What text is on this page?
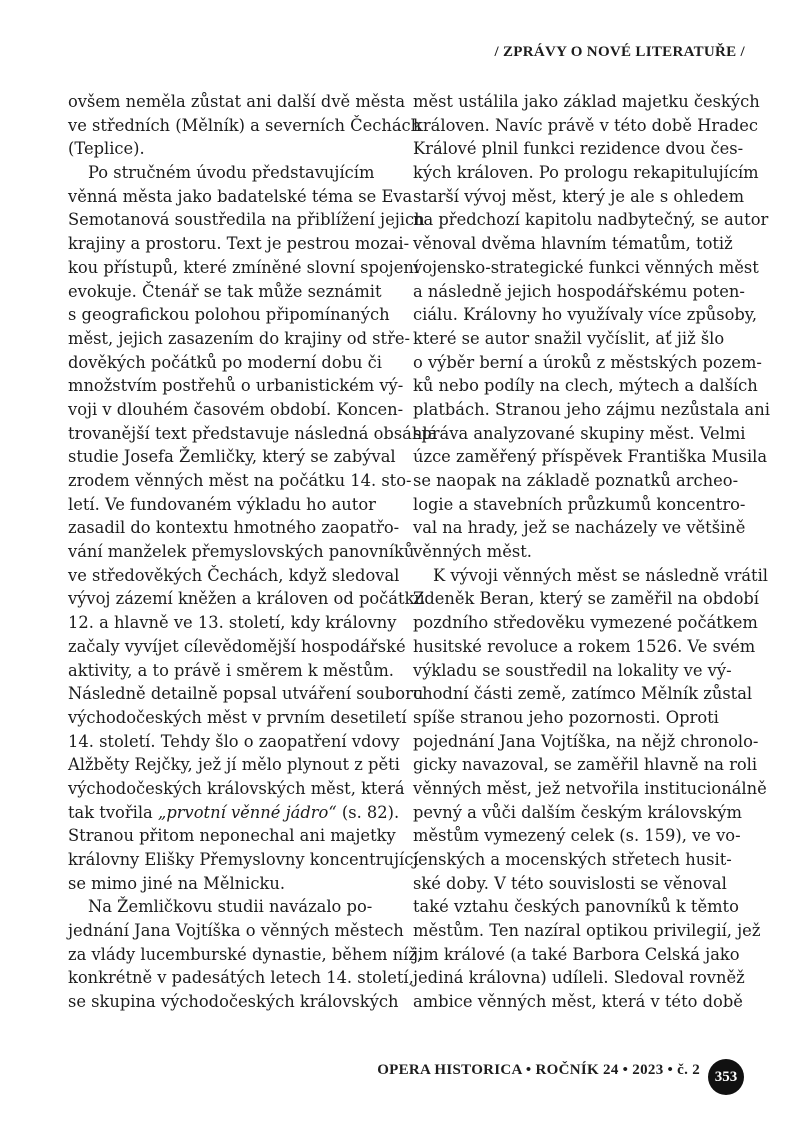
/ ZPRÁVY O NOVÉ LITERATUŘE /
ovšem neměla zůstat ani další dvě města
ve středních (Mělník) a severních Čechách
(Teplice).
Po stručném úvodu představujícím
věnná města jako badatelské téma se Eva
Semotanová soustředila na přiblížení jejich
krajiny a prostoru. Text je pestrou mozai-
kou přístupů, které zmíněné slovní spojení
evokuje. Čtenář se tak může seznámit
s geografickou polohou připomínaných
měst, jejich zasazením do krajiny od stře-
dověkých počátků po moderní dobu či
množstvím postřehů o urbanistickém vý-
voji v dlouhém časovém období. Koncen-
trovanější text představuje následná obsáhlá
studie Josefa Žemličky, který se zabýval
zrodem věnných měst na počátku 14. sto-
letí. Ve fundovaném výkladu ho autor
zasadil do kontextu hmotného zaopatřo-
vání manželek přemyslovských panovníků
ve středověkých Čechách, když sledoval
vývoj zázemí kněžen a královen od počátku
12. a hlavně ve 13. století, kdy královny
začaly vyvíjet cílevědomější hospodářské
aktivity, a to právě i směrem k městům.
Následně detailně popsal utváření souboru
východočeských měst v prvním desetiletí
14. století. Tehdy šlo o zaopatření vdovy
Alžběty Rejčky, jež jí mělo plynout z pěti
východočeských královských měst, která
tak tvořila „prvotní věnné jádro“ (s. 82).
Stranou přitom neponechal ani majetky
královny Elišky Přemyslovny koncentrující
se mimo jiné na Mělnicku.
Na Žemličkovu studii navázalo po-
jednání Jana Vojtíška o věnných městech
za vlády lucemburské dynastie, během níž,
konkrétně v padesátých letech 14. století,
se skupina východočeských královských
měst ustálila jako základ majetku českých
královen. Navíc právě v této době Hradec
Králové plnil funkci rezidence dvou čes-
kých královen. Po prologu rekapitulujícím
starší vývoj měst, který je ale s ohledem
na předchozí kapitolu nadbytečný, se autor
věnoval dvěma hlavním tématům, totiž
vojensko-strategické funkci věnných měst
a následně jejich hospodářskému poten-
ciálu. Královny ho využívaly více způsoby,
které se autor snažil vyčíslit, ať již šlo
o výběr berní a úroků z městských pozem-
ků nebo podíly na clech, mýtech a dalších
platbách. Stranou jeho zájmu nezůstala ani
správa analyzované skupiny měst. Velmi
úzce zaměřený příspěvek Františka Musila
se naopak na základě poznatků archeo-
logie a stavebních průzkumů koncentro-
val na hrady, jež se nacházely ve většině
věnných měst.
K vývoji věnných měst se následně vrátil
Zdeněk Beran, který se zaměřil na období
pozdního středověku vymezené počátkem
husitské revoluce a rokem 1526. Ve svém
výkladu se soustředil na lokality ve vý-
chodní části země, zatímco Mělník zůstal
spíše stranou jeho pozornosti. Oproti
pojednání Jana Vojtíška, na nějž chronolo-
gicky navazoval, se zaměřil hlavně na roli
věnných měst, jež netvořila institucionálně
pevný a vůči dalším českým královským
městům vymezený celek (s. 159), ve vo-
jenských a mocenských střetech husit-
ské doby. V této souvislosti se věnoval
také vztahu českých panovníků k těmto
městům. Ten nazíral optikou privilegií, jež
jim králové (a také Barbora Celská jako
jediná královna) udíleli. Sledoval rovněž
ambice věnných měst, která v této době
OPERA HISTORICA • ROČNÍK 24 • 2023 • č. 2 353
